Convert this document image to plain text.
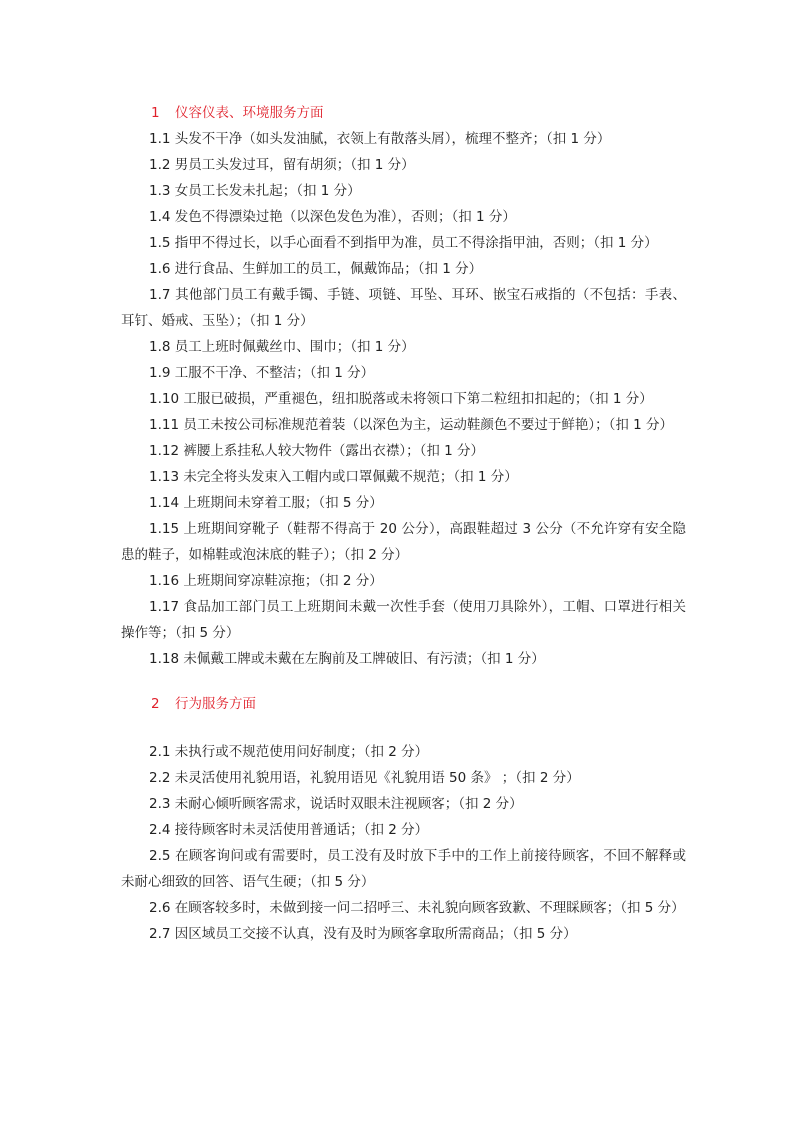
1 仪容仪表、环境服务方面
1.1 头发不干净（如头发油腻，衣领上有散落头屑），梳理不整齐；（扣 1 分）
1.2 男员工头发过耳，留有胡须；（扣 1 分）
1.3 女员工长发未扎起；（扣 1 分）
1.4 发色不得漂染过艳（以深色发色为准），否则；（扣 1 分）
1.5 指甲不得过长，以手心面看不到指甲为准，员工不得涂指甲油，否则；（扣 1 分）
1.6 进行食品、生鲜加工的员工，佩戴饰品；（扣 1 分）
1.7 其他部门员工有戴手镯、手链、项链、耳坠、耳环、嵌宝石戒指的（不包括：手表、耳钉、婚戒、玉坠）；（扣 1 分）
1.8 员工上班时佩戴丝巾、围巾；（扣 1 分）
1.9 工服不干净、不整洁；（扣 1 分）
1.10 工服已破损，严重褪色，纽扣脱落或未将领口下第二粒纽扣扣起的；（扣 1 分）
1.11 员工未按公司标准规范着装（以深色为主，运动鞋颜色不要过于鲜艳）；（扣 1 分）
1.12 裤腰上系挂私人较大物件（露出衣襟）；（扣 1 分）
1.13 未完全将头发束入工帽内或口罩佩戴不规范；（扣 1 分）
1.14 上班期间未穿着工服；（扣 5 分）
1.15 上班期间穿靴子（鞋帮不得高于 20 公分），高跟鞋超过 3 公分（不允许穿有安全隐患的鞋子，如棉鞋或泡沫底的鞋子）；（扣 2 分）
1.16 上班期间穿凉鞋凉拖；（扣 2 分）
1.17 食品加工部门员工上班期间未戴一次性手套（使用刀具除外），工帽、口罩进行相关操作等；（扣 5 分）
1.18 未佩戴工牌或未戴在左胸前及工牌破旧、有污渍；（扣 1 分）
2 行为服务方面
2.1 未执行或不规范使用问好制度；（扣 2 分）
2.2 未灵活使用礼貌用语，礼貌用语见《礼貌用语 50 条》 ；（扣 2 分）
2.3 未耐心倾听顾客需求，说话时双眼未注视顾客；（扣 2 分）
2.4 接待顾客时未灵活使用普通话；（扣 2 分）
2.5 在顾客询问或有需要时，员工没有及时放下手中的工作上前接待顾客，不回不解释或未耐心细致的回答、语气生硬；（扣 5 分）
2.6 在顾客较多时，未做到接一问二招呼三、未礼貌向顾客致歉、不理睬顾客；（扣 5 分）
2.7 因区域员工交接不认真，没有及时为顾客拿取所需商品；（扣 5 分）
